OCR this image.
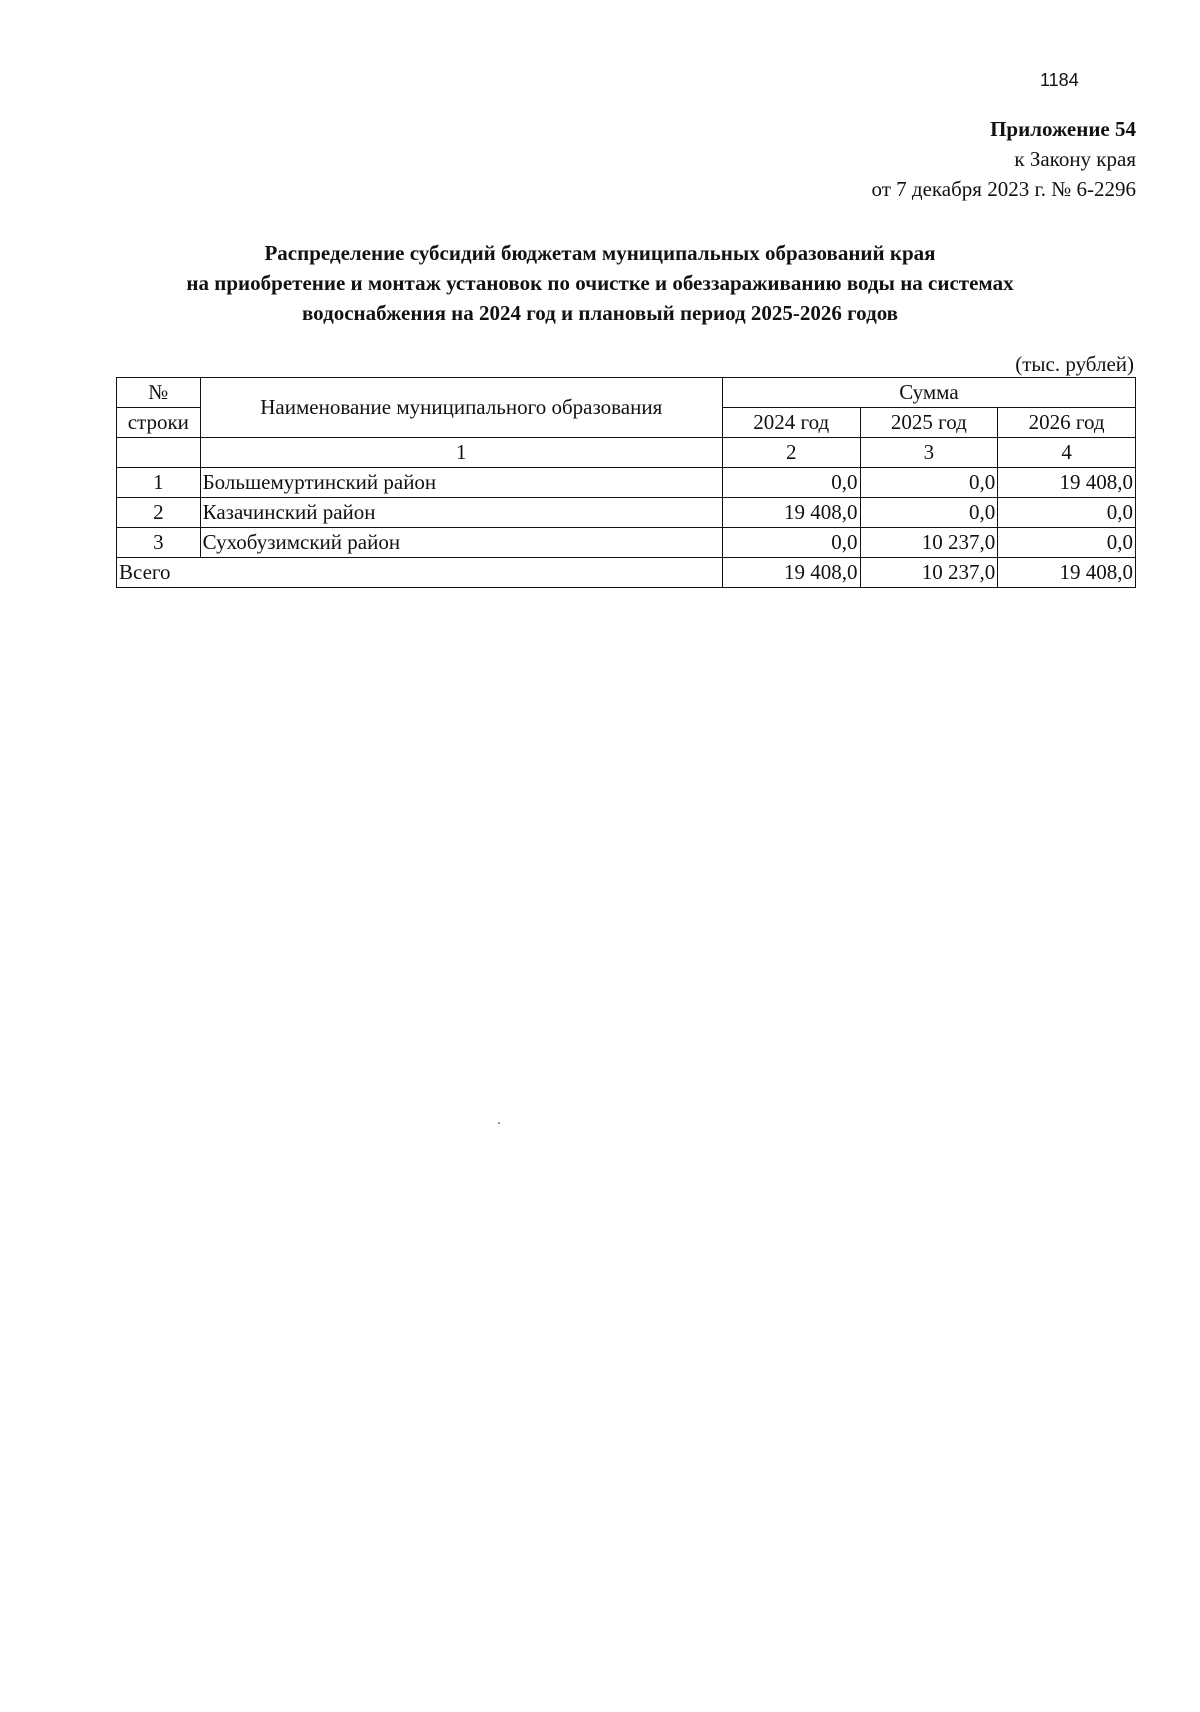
1184
Приложение 54
к Закону края
от 7 декабря 2023 г. № 6-2296
Распределение субсидий бюджетам муниципальных образований края
на приобретение и монтаж установок по очистке и обеззараживанию воды на системах
водоснабжения на 2024 год и плановый период 2025-2026 годов
(тыс. рублей)
№	Наименование муниципального образования	Сумма		
строки		2024 год	2025 год	2026 год
	1	2	3	4
1	Большемуртинский район	0,0	0,0	19 408,0
2	Казачинский район	19 408,0	0,0	0,0
3	Сухобузимский район	0,0	10 237,0	0,0
Всего		19 408,0	10 237,0	19 408,0
